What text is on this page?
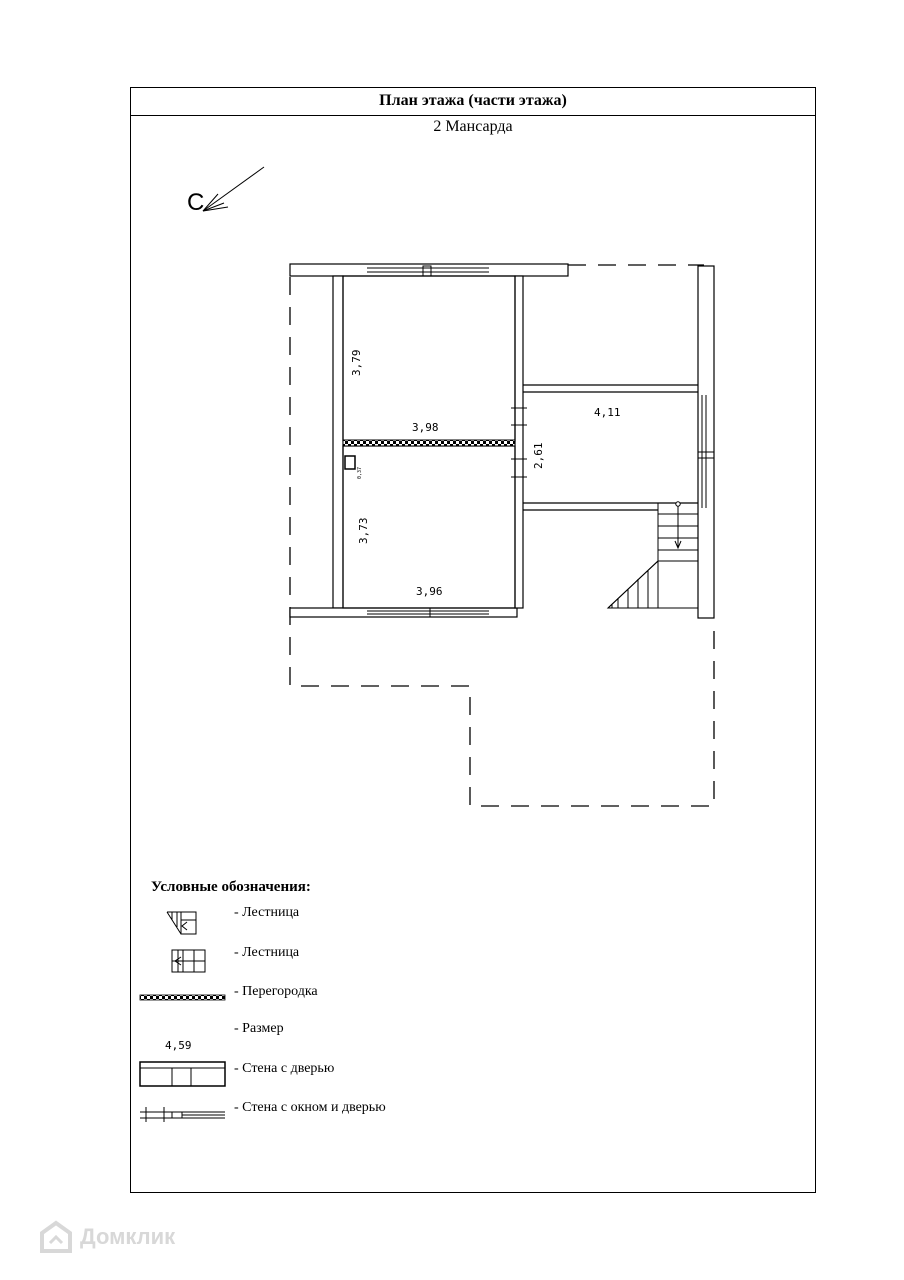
План этажа (части этажа)
2 Мансарда
С
3,79
3,98
0,37
3,73
3,96
4,11
2,61
4,59
Условные обозначения:
- Лестница
- Лестница
- Перегородка
- Размер
- Стена с дверью
- Стена с окном и дверью
Домклик
